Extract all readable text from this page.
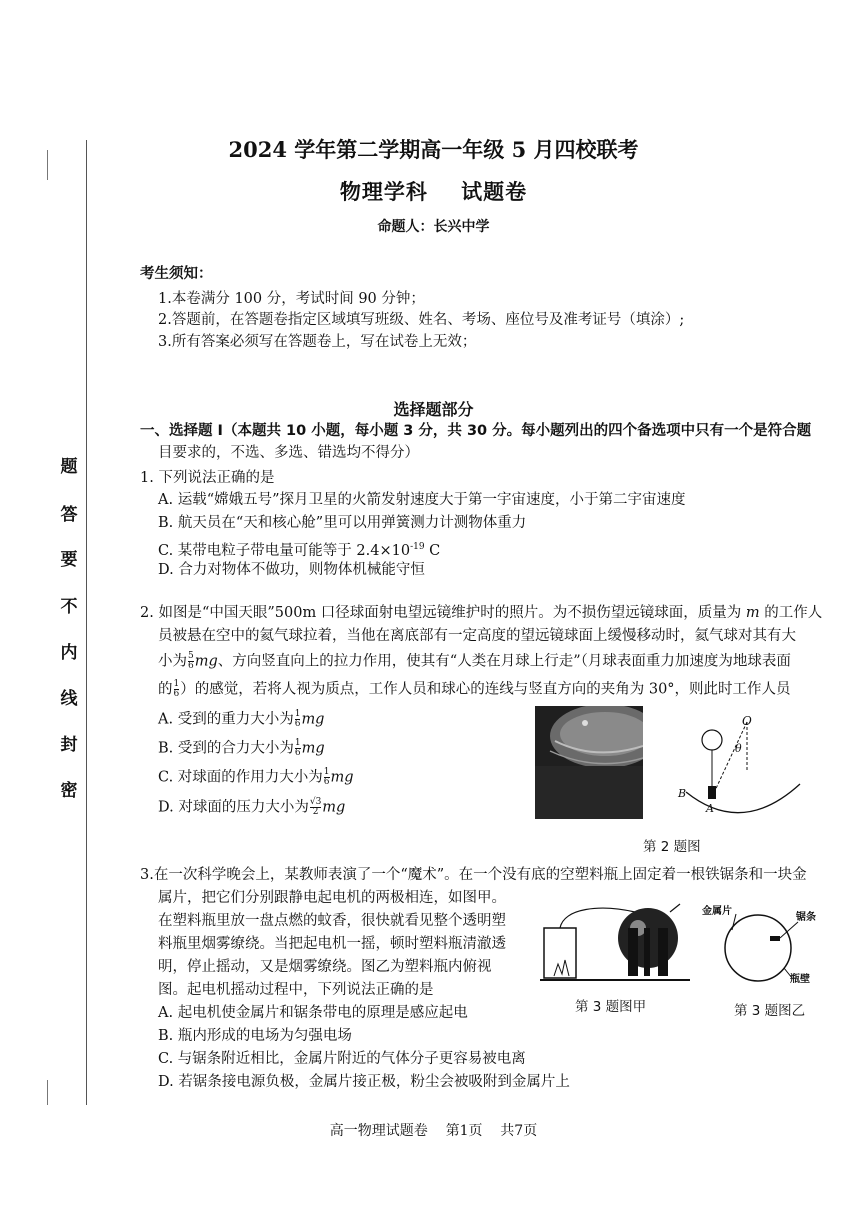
题
答
要
不
内
线
封
密
2024 学年第二学期高一年级 5 月四校联考
物理学科    试题卷
命题人：长兴中学
考生须知：
1.本卷满分 100 分，考试时间 90 分钟；
2.答题前，在答题卷指定区域填写班级、姓名、考场、座位号及准考证号（填涂）;
3.所有答案必须写在答题卷上，写在试卷上无效；
选择题部分
一、选择题 Ⅰ（本题共 10 小题，每小题 3 分，共 30 分。每小题列出的四个备选项中只有一个是符合题
目要求的，不选、多选、错选均不得分）
1. 下列说法正确的是
A. 运载“嫦娥五号”探月卫星的火箭发射速度大于第一宇宙速度，小于第二宇宙速度
B. 航天员在“天和核心舱”里可以用弹簧测力计测物体重力
C. 某带电粒子带电量可能等于 $2.4\times 10^{-19}$ C
D. 合力对物体不做功，则物体机械能守恒
2. 如图是“中国天眼”500m 口径球面射电望远镜维护时的照片。为不损伤望远镜球面，质量为 m 的工作人
员被悬在空中的氦气球拉着，当他在离底部有一定高度的望远镜球面上缓慢移动时，氦气球对其有大
小为 $\frac{5}{6}$ mg、方向竖直向上的拉力作用，使其有“人类在月球上行走”（月球表面重力加速度为地球表面
的 $\frac{1}{6}$ ）的感觉，若将人视为质点，工作人员和球心的连线与竖直方向的夹角为 30°，则此时工作人员
A. 受到的重力大小为 $\frac{1}{6}$ mg
B. 受到的合力大小为 $\frac{1}{6}$ mg
C. 对球面的作用力大小为 $\frac{1}{6}$ mg
D. 对球面的压力大小为 $\frac{√3}{2}$ mg
O
θ
B
A
第 2 题图
3.在一次科学晚会上，某教师表演了一个“魔术”。在一个没有底的空塑料瓶上固定着一根铁锯条和一块金
属片，把它们分别跟静电起电机的两极相连，如图甲。
在塑料瓶里放一盘点燃的蚊香，很快就看见整个透明塑
料瓶里烟雾缭绕。当把起电机一摇，顿时塑料瓶清澈透
明，停止摇动，又是烟雾缭绕。图乙为塑料瓶内俯视
图。起电机摇动过程中，下列说法正确的是
A. 起电机使金属片和锯条带电的原理是感应起电
B. 瓶内形成的电场为匀强电场
C. 与锯条附近相比，金属片附近的气体分子更容易被电离
D. 若锯条接电源负极，金属片接正极，粉尘会被吸附到金属片上
第 3 题图甲
金属片
锯条
瓶壁
第 3 题图乙
高一物理试题卷    第1页    共7页
